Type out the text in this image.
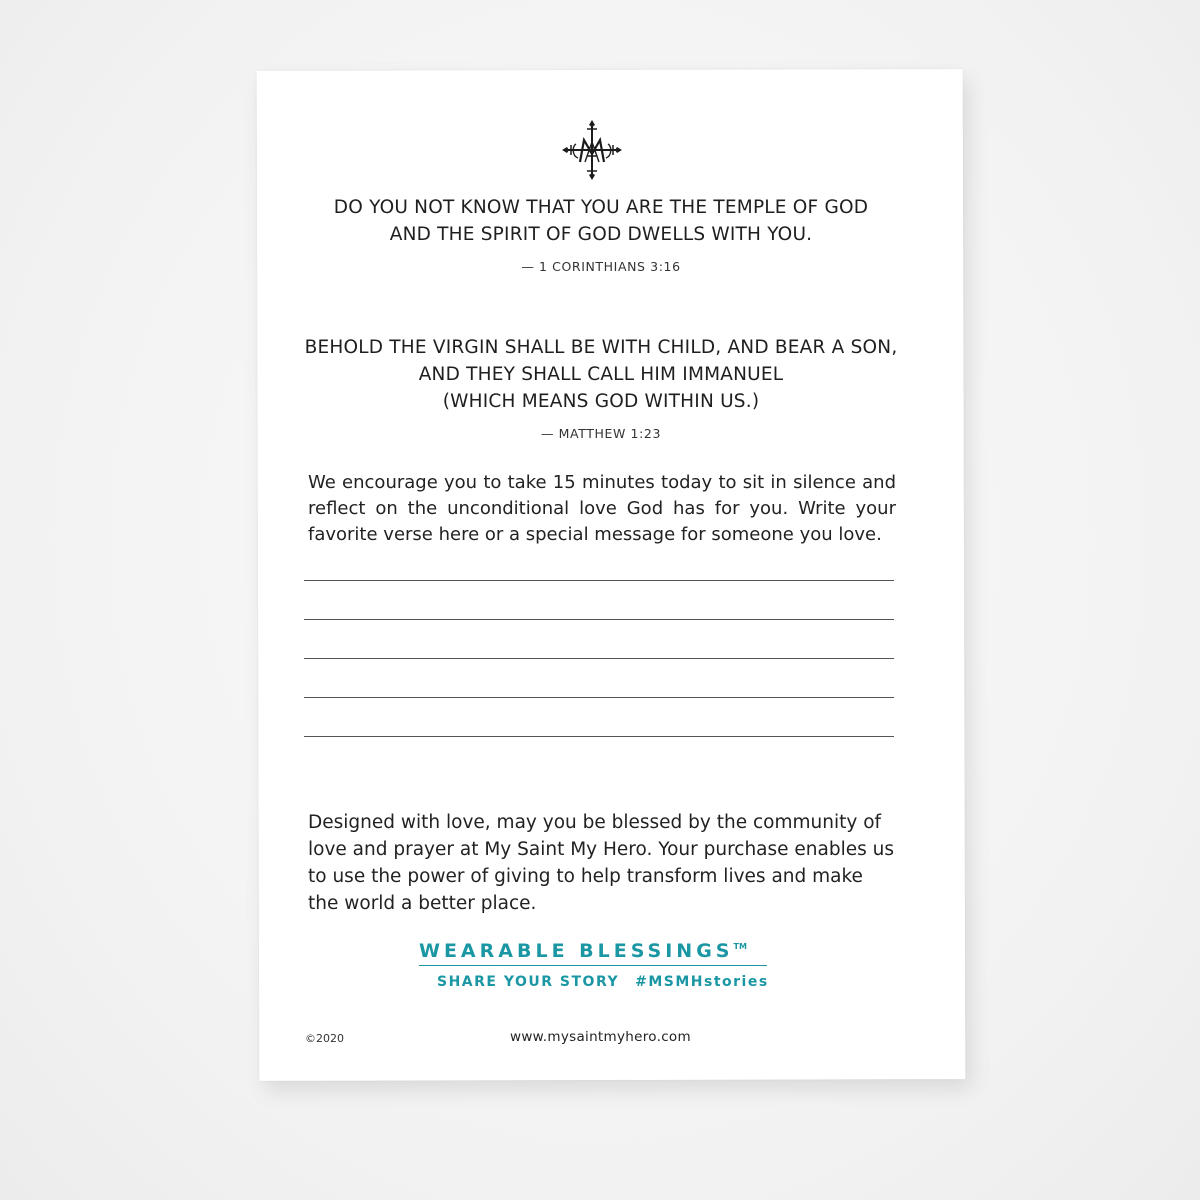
DO YOU NOT KNOW THAT YOU ARE THE TEMPLE OF GOD
AND THE SPIRIT OF GOD DWELLS WITH YOU.
— 1 CORINTHIANS 3:16
BEHOLD THE VIRGIN SHALL BE WITH CHILD, AND BEAR A SON,
AND THEY SHALL CALL HIM IMMANUEL
(WHICH MEANS GOD WITHIN US.)
— MATTHEW 1:23
We encourage you to take 15 minutes today to sit in silence and reflect on the unconditional love God has for you. Write your favorite verse here or a special message for someone you love.
Designed with love, may you be blessed by the community of love and prayer at My Saint My Hero. Your purchase enables us to use the power of giving to help transform lives and make the world a better place.
WEARABLE BLESSINGS™
SHARE YOUR STORY #MSMHstories
©2020	www.mysaintmyhero.com
